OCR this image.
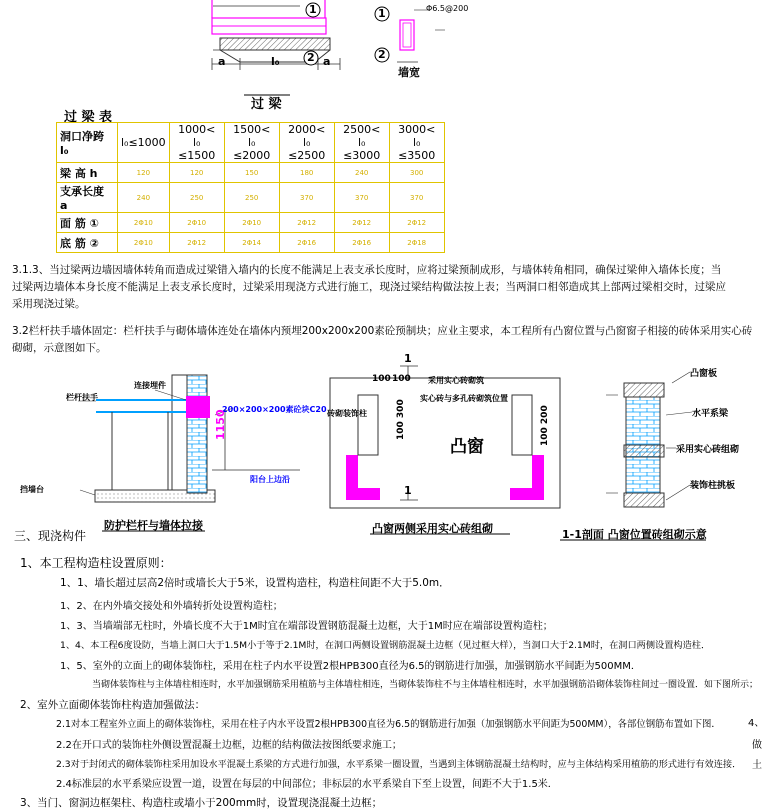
1
2
a	l₀	a
1
2
Φ6.5@200
墙宽
过 梁
过 梁 表
洞口净跨 l₀	l₀≤1000	1000< l₀ ≤1500	1500< l₀ ≤2000	2000< l₀ ≤2500	2500< l₀ ≤3000	3000< l₀ ≤3500
梁 高 h	120	120	150	180	240	300
支承长度 a	240	250	250	370	370	370
面 筋 ①	2Φ10	2Φ10	2Φ10	2Φ12	2Φ12	2Φ12
底 筋 ②	2Φ10	2Φ12	2Φ14	2Φ16	2Φ16	2Φ18
3.1.3、当过梁两边墙因墙体转角而造成过梁错入墙内的长度不能满足上表支承长度时，应将过梁预制成形，与墙体转角相同，确保过梁伸入墙体长度；当
过梁两边墙体本身长度不能满足上表支承长度时，过梁采用现浇方式进行施工，现浇过梁结构做法按上表；当两洞口相邻造成其上部两过梁相交时，过梁应
采用现浇过梁。
3.2栏杆扶手墙体固定：栏杆扶手与砌体墙体连处在墙体内预埋200x200x200素砼预制块；应业主要求，本工程所有凸窗位置与凸窗窗子相接的砖体采用实心砖
砌砌，示意图如下。
栏杆扶手
连接埋件
200×200×200素砼块C20
1150
阳台上边沿
挡墙台
防护栏杆与墙体拉接
1
1
砖砌装饰柱
100 100 采用实心砖砌筑
实心砖与多孔砖砌筑位置
100 300	100 200
凸窗
凸窗两侧采用实心砖组砌
凸窗板
水平系梁
采用实心砖组砌
装饰柱挑板
1-1剖面 凸窗位置砖组砌示意
三、现浇构件
1、本工程构造柱设置原则：
1、1、墙长超过层高2倍时或墙长大于5米，设置构造柱，构造柱间距不大于5.0m．
1、2、在内外墙交接处和外墙转折处设置构造柱；
1、3、当墙端部无柱时，外墙长度不大于1M时宜在端部设置钢筋混凝土边框，大于1M时应在端部设置构造柱；
1、4、本工程6度设防，当墙上洞口大于1.5M小于等于2.1M时，在洞口两侧设置钢筋混凝土边框（见过框大样），当洞口大于2.1M时，在洞口两侧设置构造柱．
1、5、室外的立面上的砌体装饰柱，采用在柱子内水平设置2根HPB300直径为6.5的钢筋进行加强，加强钢筋水平间距为500MM．
当砌体装饰柱与主体墙柱相连时，水平加强钢筋采用植筋与主体墙柱相连，当砌体装饰柱不与主体墙柱相连时，水平加强钢筋沿砌体装饰柱间过一圈设置．如下图所示；
2、室外立面砌体装饰柱构造加强做法：
2.1对本工程室外立面上的砌体装饰柱，采用在柱子内水平设置2根HPB300直径为6.5的钢筋进行加强（加强钢筋水平间距为500MM），各部位钢筋布置如下图．
2.2在开口式的装饰柱外侧设置混凝土边框，边框的结构做法按图纸要求施工；
2.3对于封闭式的砌体装饰柱采用加设水平混凝土系梁的方式进行加强，水平系梁一圈设置，当遇到主体钢筋混凝土结构时，应与主体结构采用植筋的形式进行有效连接．
2.4标准层的水平系梁应设置一道，设置在每层的中间部位；非标层的水平系梁自下至上设置，间距不大于1.5米．
3、当门、窗洞边框架柱、构造柱或墙小于200mm时，设置现浇混凝土边框；
4、
做
土
